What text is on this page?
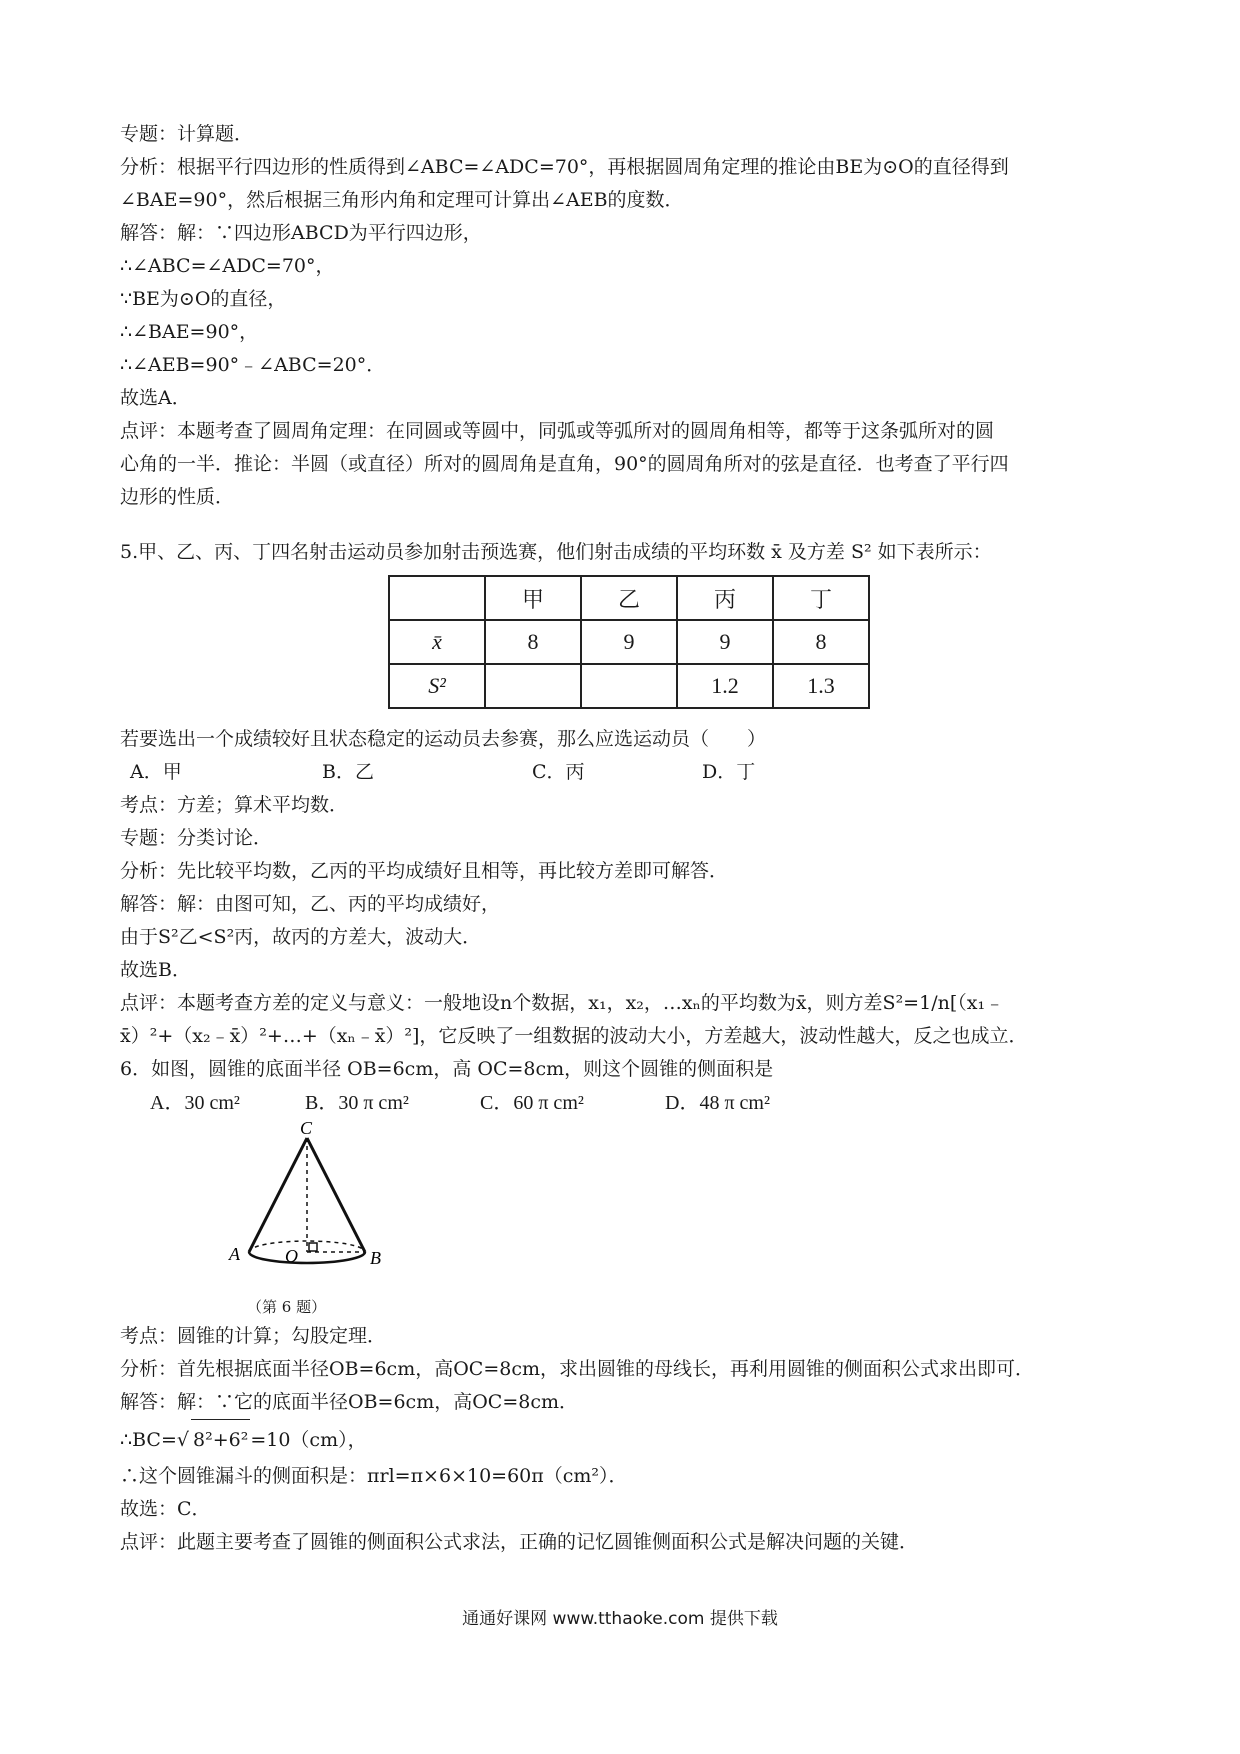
专题：计算题．

分析：根据平行四边形的性质得到∠ABC=∠ADC=70°，再根据圆周角定理的推论由BE为⊙O的直径得到

∠BAE=90°，然后根据三角形内角和定理可计算出∠AEB的度数．

解答：解：∵四边形ABCD为平行四边形，

∴∠ABC=∠ADC=70°，

∵BE为⊙O的直径，

∴∠BAE=90°，

∴∠AEB=90°﹣∠ABC=20°．

故选A．

点评：本题考查了圆周角定理：在同圆或等圆中，同弧或等弧所对的圆周角相等，都等于这条弧所对的圆

心角的一半．推论：半圆（或直径）所对的圆周角是直角，90°的圆周角所对的弦是直径．也考查了平行四

边形的性质．

5.甲、乙、丙、丁四名射击运动员参加射击预选赛，他们射击成绩的平均环数 x̄ 及方差 S² 如下表所示：

	甲	乙	丙	丁
x̄	8	9	9	8
S²			1.2	1.3

若要选出一个成绩较好且状态稳定的运动员去参赛，那么应选运动员（　　）

A．甲	B．乙	C．丙	D．丁

考点：方差；算术平均数．

专题：分类讨论．

分析：先比较平均数，乙丙的平均成绩好且相等，再比较方差即可解答．

解答：解：由图可知，乙、丙的平均成绩好，

由于S²乙<S²丙，故丙的方差大，波动大．

故选B．

点评：本题考查方差的定义与意义：一般地设n个数据，x₁，x₂，…xₙ的平均数为x̄，则方差S²=1/n[（x₁﹣

x̄）²+（x₂﹣x̄）²+…+（xₙ﹣x̄）²]，它反映了一组数据的波动大小，方差越大，波动性越大，反之也成立．

6．如图，圆锥的底面半径 OB=6cm，高 OC=8cm，则这个圆锥的侧面积是

A．30 cm²	B．30 π cm²	C．60 π cm²	D．48 π cm²
C
A	O	B
（第 6 题）

考点：圆锥的计算；勾股定理．

分析：首先根据底面半径OB=6cm，高OC=8cm，求出圆锥的母线长，再利用圆锥的侧面积公式求出即可．

解答：解：∵它的底面半径OB=6cm，高OC=8cm．

∴BC=√ 8²+6² =10（cm），

∴这个圆锥漏斗的侧面积是：πrl=π×6×10=60π（cm²）．

故选：C．

点评：此题主要考查了圆锥的侧面积公式求法，正确的记忆圆锥侧面积公式是解决问题的关键．

通通好课网 www.tthaoke.com 提供下载
